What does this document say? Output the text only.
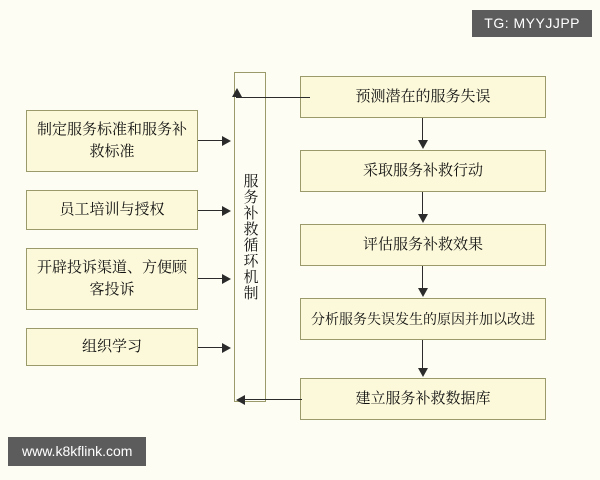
TG: MYYJJPP
www.k8kflink.com
制定服务标准和服务补救标准
员工培训与授权
开辟投诉渠道、方便顾客投诉
组织学习
服务补救循环机制
预测潜在的服务失误
采取服务补救行动
评估服务补救效果
分析服务失误发生的原因并加以改进
建立服务补救数据库
